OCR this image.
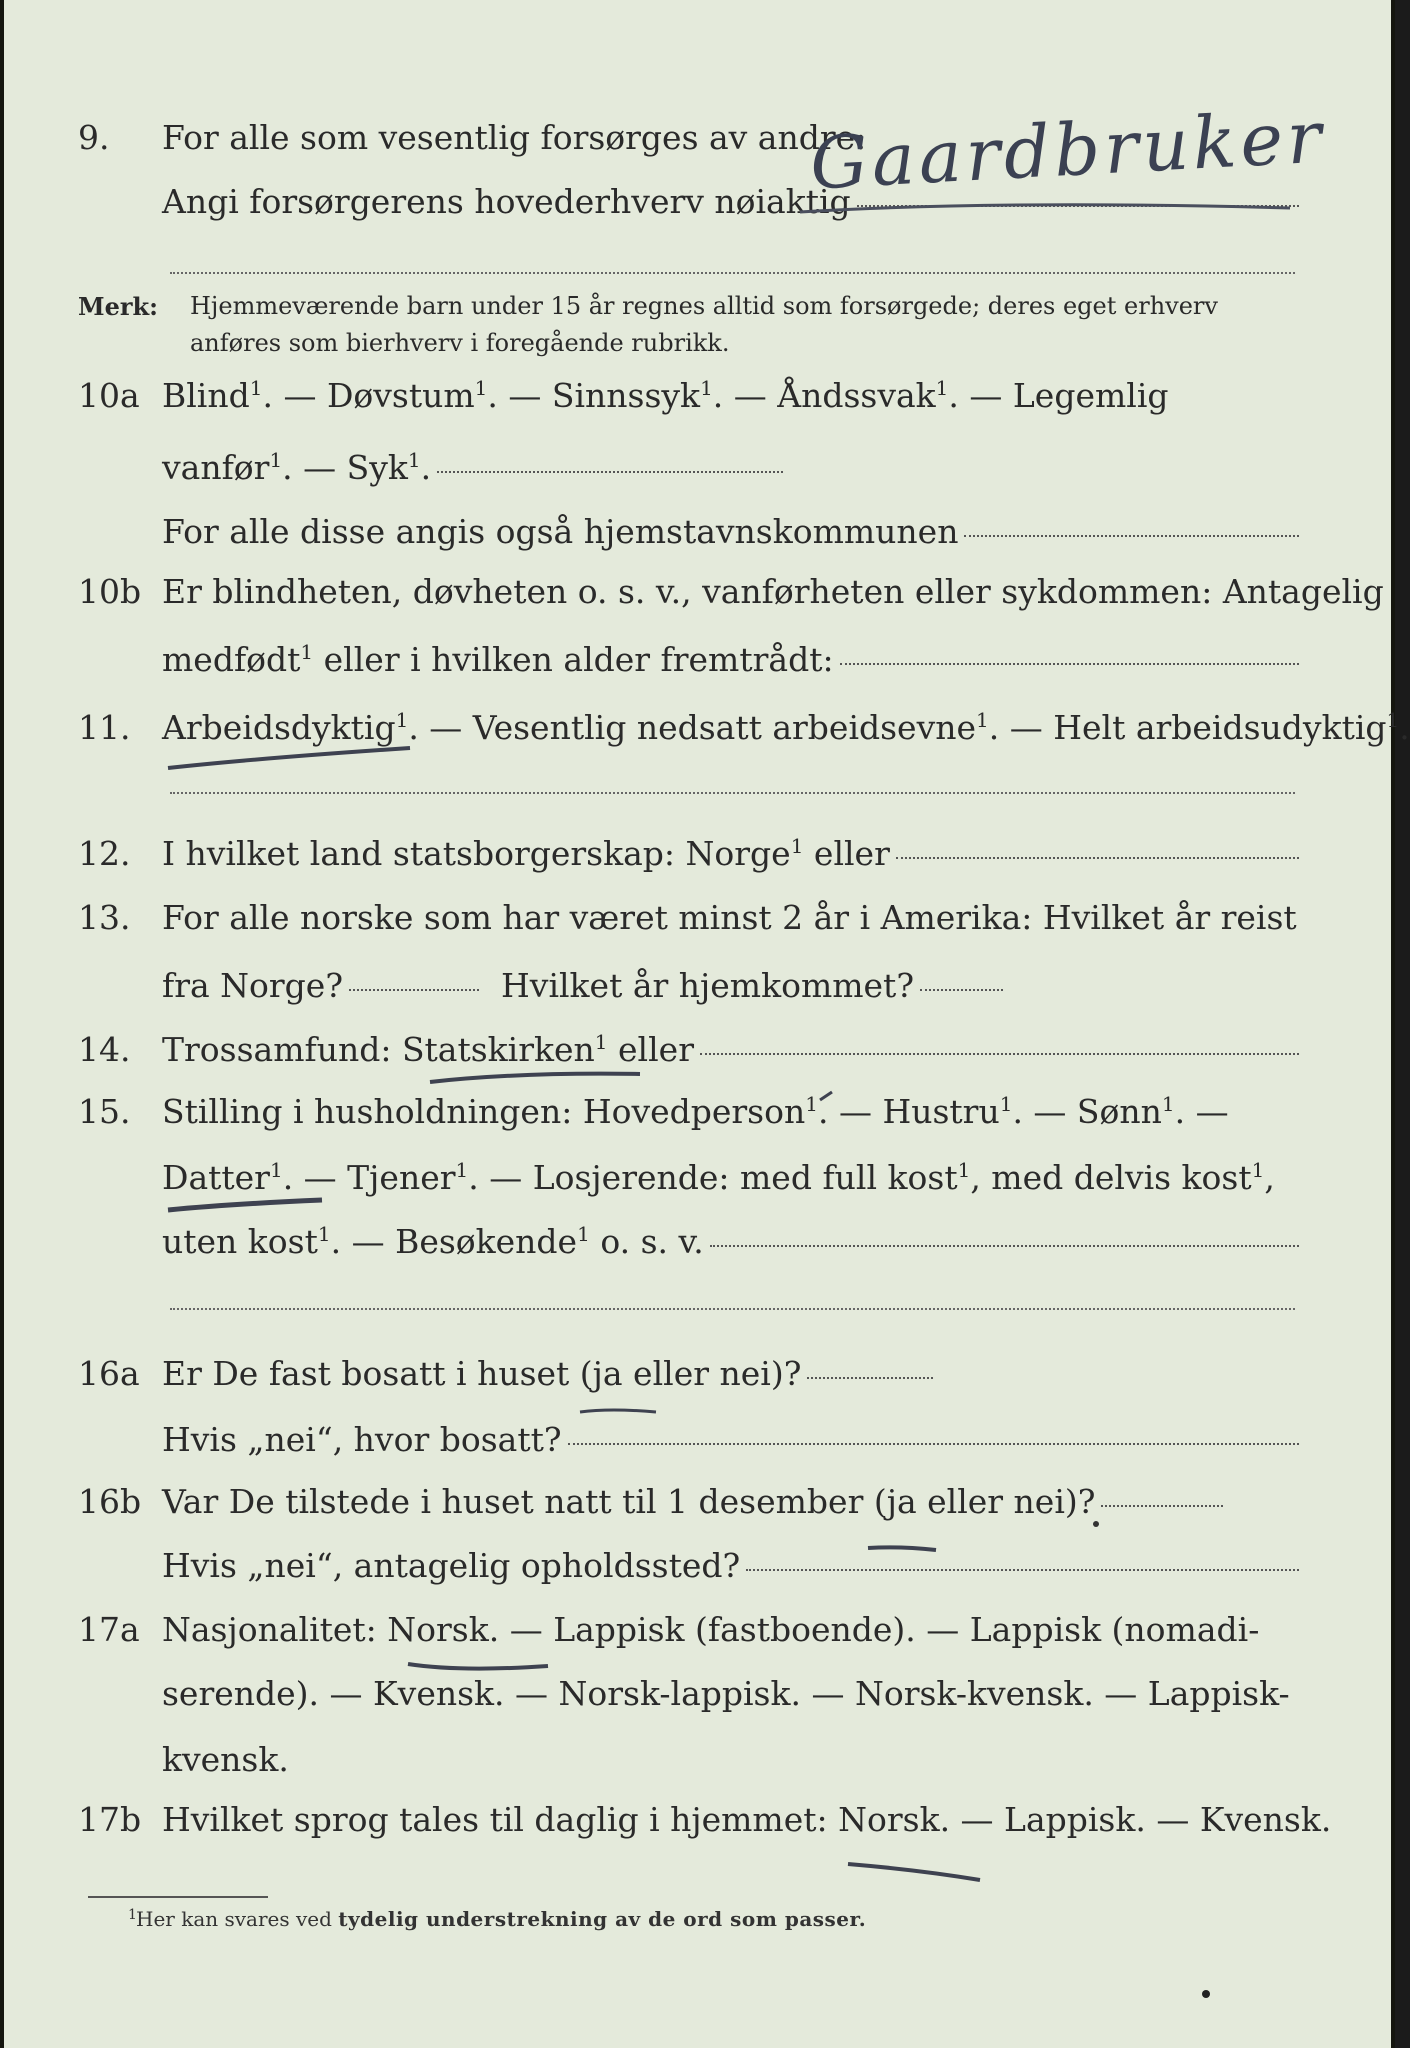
9. For alle som vesentlig forsørges av andre:
Angi forsørgerens hovederhverv nøiaktig
Gaardbruker
Merk: Hjemmeværende barn under 15 år regnes alltid som forsørgede; deres eget erhverv
anføres som bierhverv i foregående rubrikk.
10a Blind$^1$. — Døvstum$^1$. — Sinnssyk$^1$. — Åndssvak$^1$. — Legemlig
vanfør$^1$. — Syk$^1$.
For alle disse angis også hjemstavnskommunen
10b Er blindheten, døvheten o. s. v., vanførheten eller sykdommen: Antagelig
medfødt$^1$ eller i hvilken alder fremtrådt:
11. Arbeidsdyktig$^1$. — Vesentlig nedsatt arbeidsevne$^1$. — Helt arbeidsudyktig$^1$.
12. I hvilket land statsborgerskap: Norge$^1$ eller
13. For alle norske som har været minst 2 år i Amerika: Hvilket år reist
fra Norge?	Hvilket år hjemkommet?
14. Trossamfund: Statskirken$^1$ eller
15. Stilling i husholdningen: Hovedperson$^1$. — Hustru$^1$. — Sønn$^1$. —
Datter$^1$. — Tjener$^1$. — Losjerende: med full kost$^1$, med delvis kost$^1$,
uten kost$^1$. — Besøkende$^1$ o. s. v.
16a Er De fast bosatt i huset (ja eller nei)?
Hvis „nei“, hvor bosatt?
16b Var De tilstede i huset natt til 1 desember (ja eller nei)?
Hvis „nei“, antagelig opholdssted?
17a Nasjonalitet: Norsk. — Lappisk (fastboende). — Lappisk (nomadi-
serende). — Kvensk. — Norsk-lappisk. — Norsk-kvensk. — Lappisk-
kvensk.
17b Hvilket sprog tales til daglig i hjemmet: Norsk. — Lappisk. — Kvensk.
1 Her kan svares ved tydelig understrekning av de ord som passer.
